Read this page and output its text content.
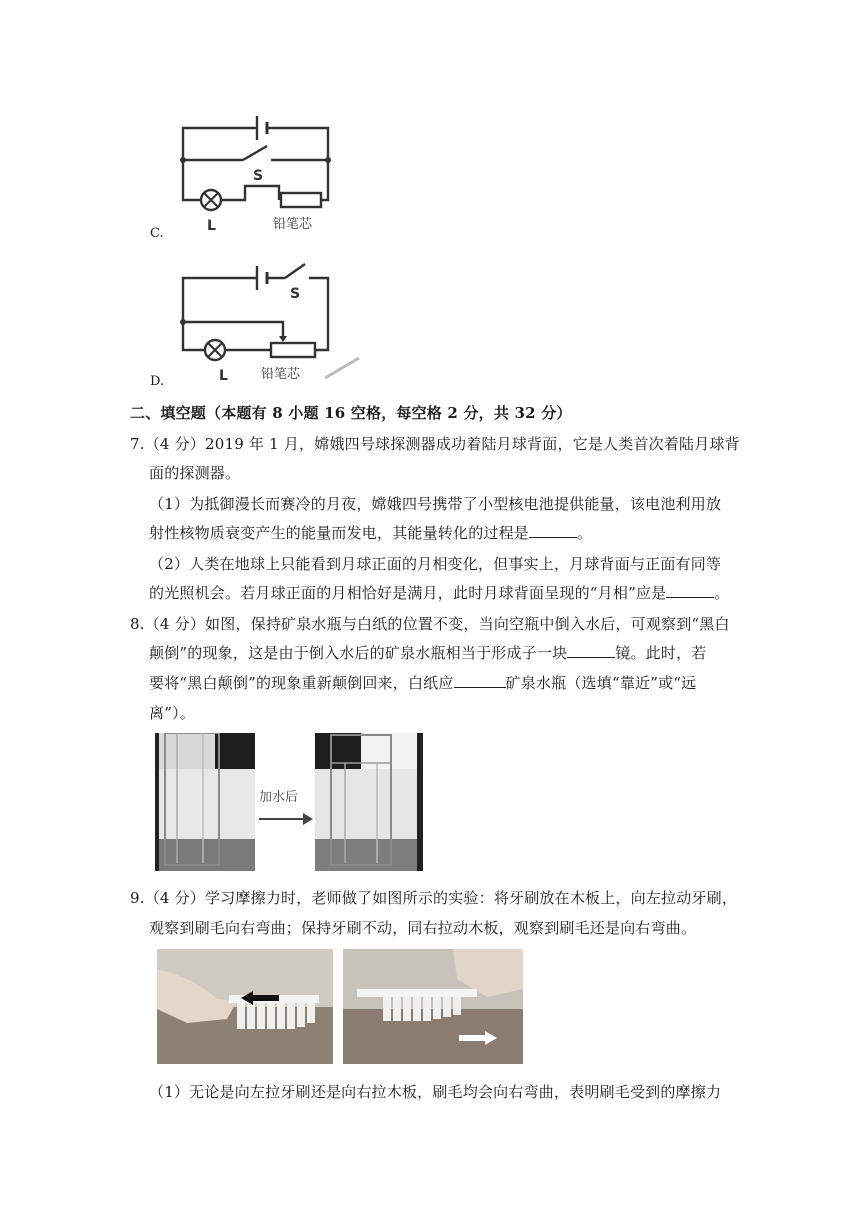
S
L	铅笔芯
C.
S
L	铅笔芯
D.
二、填空题（本题有 8 小题 16 空格，每空格 2 分，共 32 分）
7.（4 分）2019 年 1 月，嫦娥四号球探测器成功着陆月球背面，它是人类首次着陆月球背
面的探测器。
（1）为抵御漫长而赛冷的月夜，嫦娥四号携带了小型核电池提供能量，该电池利用放
射性核物质衰变产生的能量而发电，其能量转化的过程是	。
（2）人类在地球上只能看到月球正面的月相变化，但事实上，月球背面与正面有同等
的光照机会。若月球正面的月相恰好是满月，此时月球背面呈现的“月相”应是	。
8.（4 分）如图，保持矿泉水瓶与白纸的位置不变，当向空瓶中倒入水后，可观察到“黑白
颠倒”的现象，这是由于倒入水后的矿泉水瓶相当于形成子一块	镜。此时，若
要将“黑白颠倒”的现象重新颠倒回来，白纸应	矿泉水瓶（选填“靠近”或“远
离”）。
加水后
9.（4 分）学习摩擦力时，老师做了如图所示的实验：将牙刷放在木板上，向左拉动牙刷，
观察到刷毛向右弯曲；保持牙刷不动，同右拉动木板，观察到刷毛还是向右弯曲。
（1）无论是向左拉牙刷还是向右拉木板，刷毛均会向右弯曲，表明刷毛受到的摩擦力
